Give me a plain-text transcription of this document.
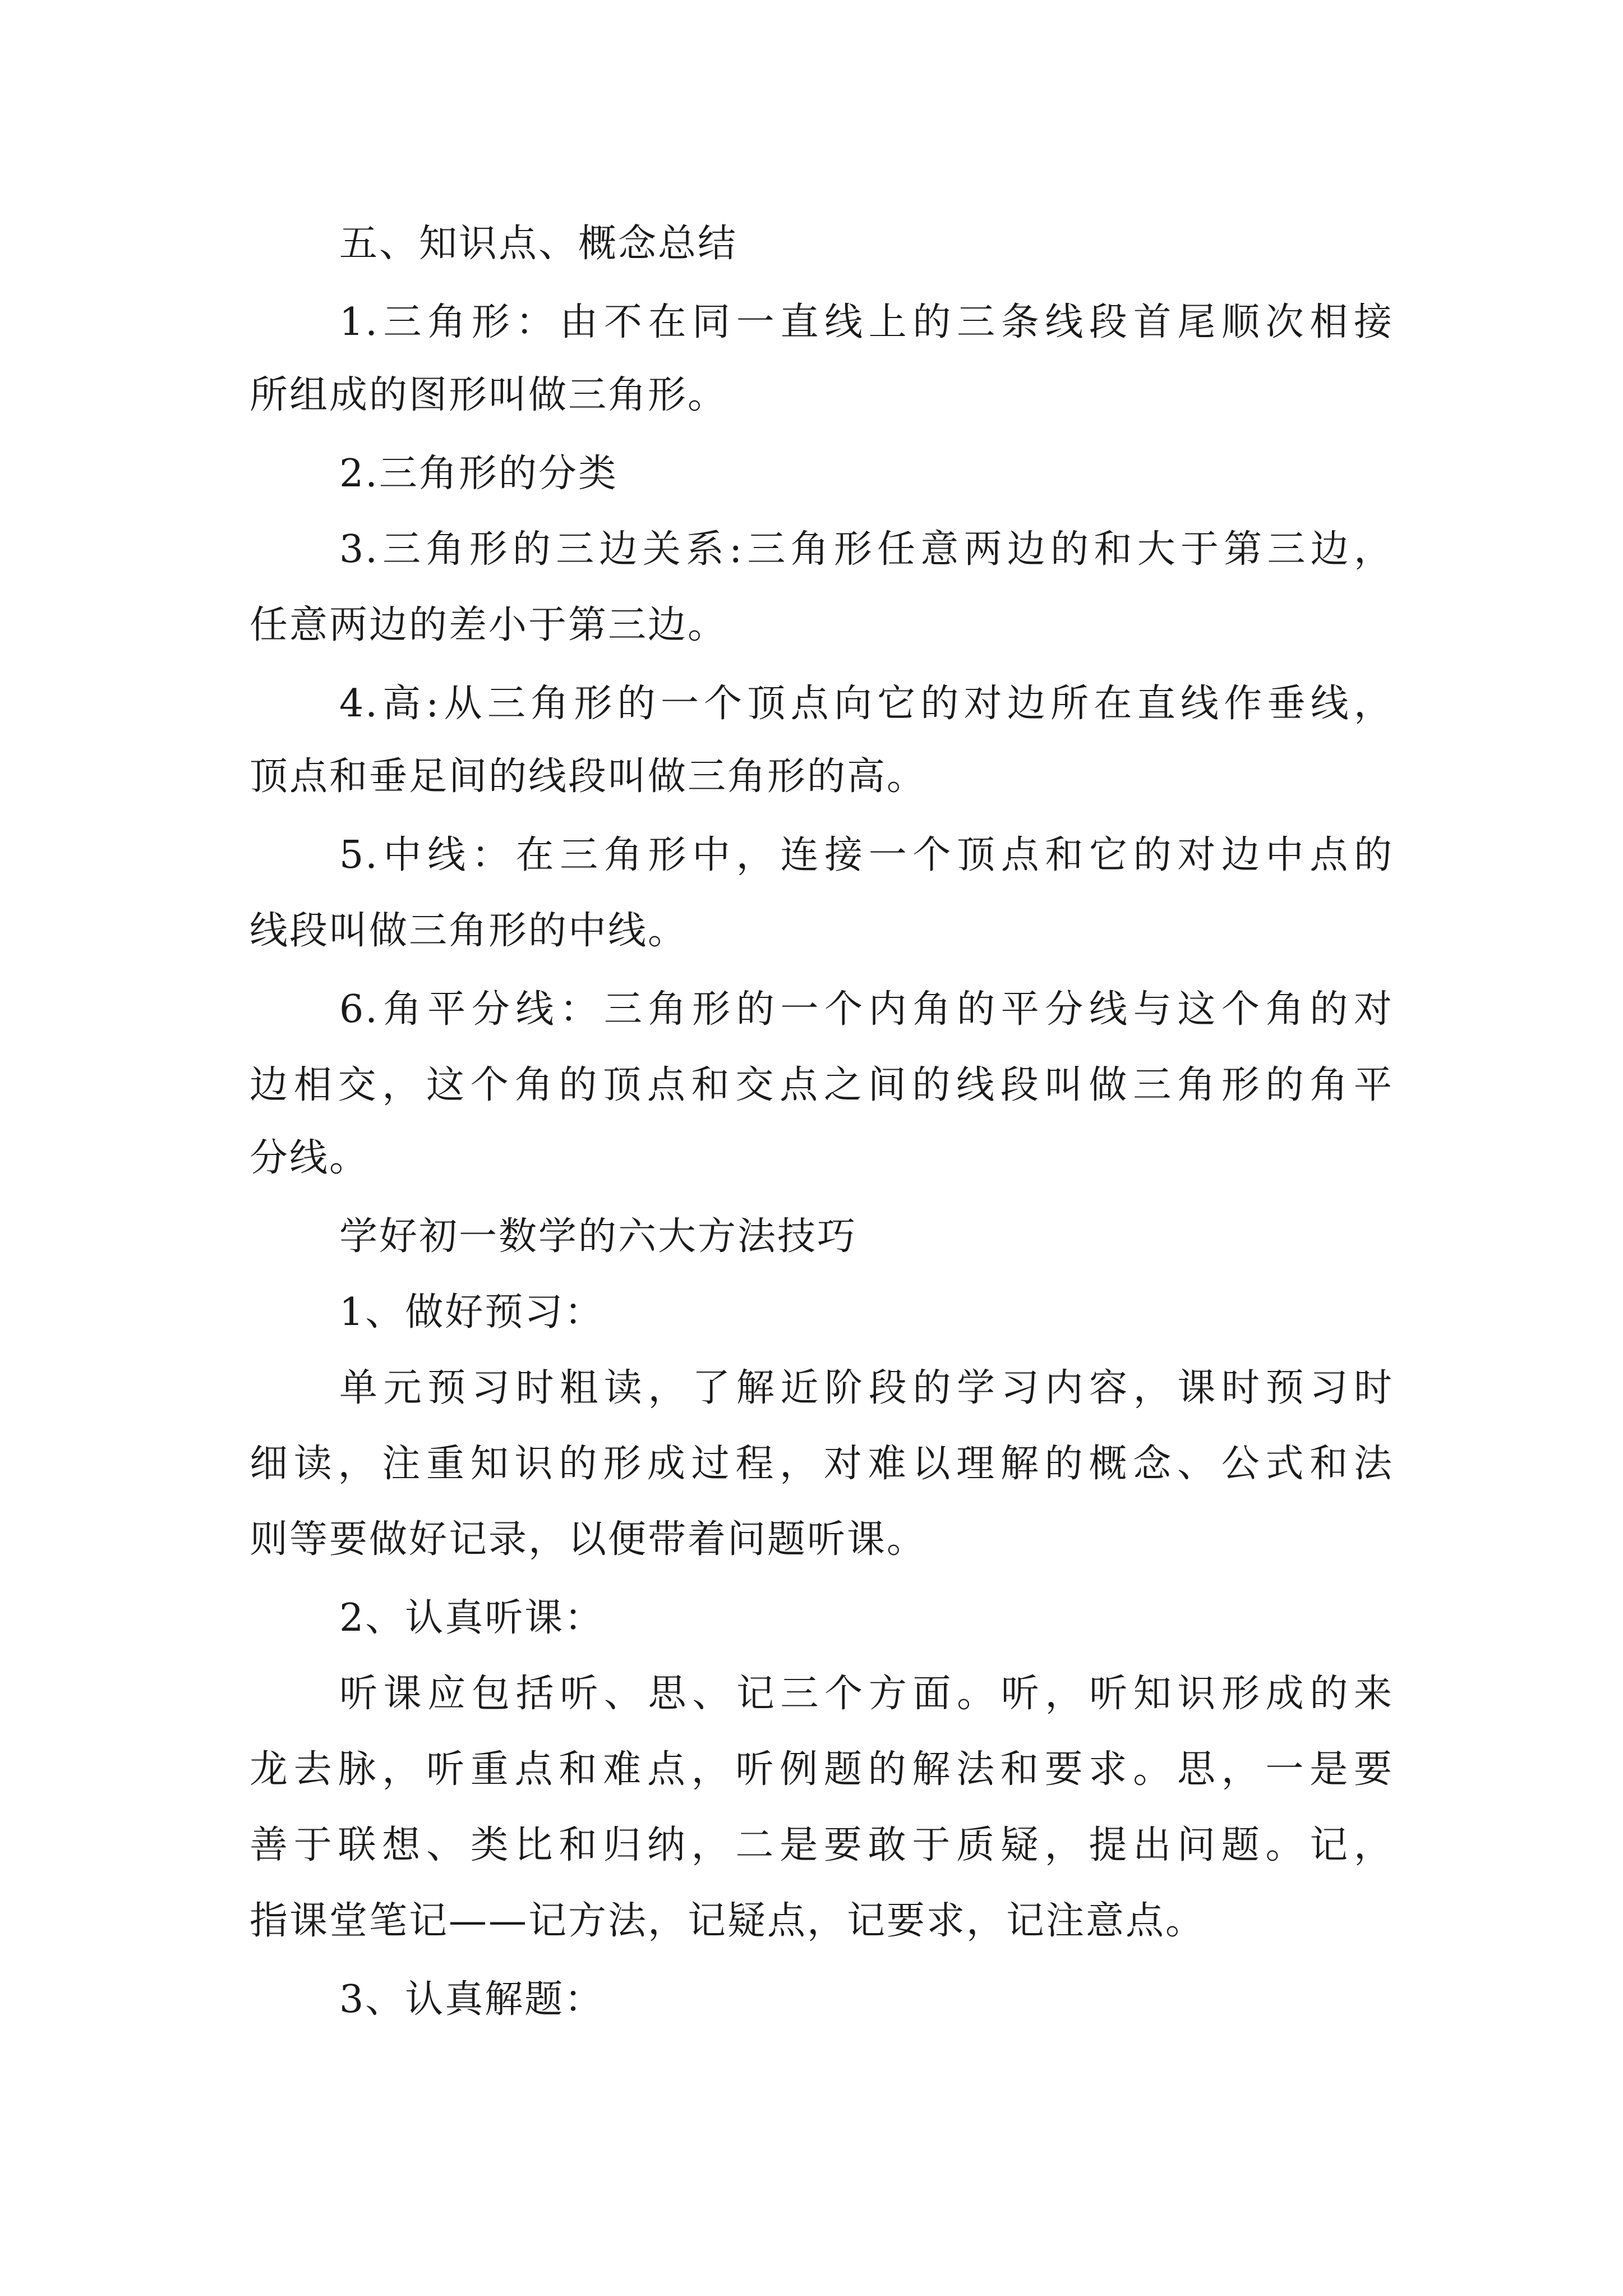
五、知识点、概念总结
1.三角形：由不在同一直线上的三条线段首尾顺次相接
所组成的图形叫做三角形。
2.三角形的分类
3.三角形的三边关系:三角形任意两边的和大于第三边，
任意两边的差小于第三边。
4.高:从三角形的一个顶点向它的对边所在直线作垂线，
顶点和垂足间的线段叫做三角形的高。
5.中线：在三角形中，连接一个顶点和它的对边中点的
线段叫做三角形的中线。
6.角平分线：三角形的一个内角的平分线与这个角的对
边相交，这个角的顶点和交点之间的线段叫做三角形的角平
分线。
学好初一数学的六大方法技巧
1、做好预习：
单元预习时粗读，了解近阶段的学习内容，课时预习时
细读，注重知识的形成过程，对难以理解的概念、公式和法
则等要做好记录，以便带着问题听课。
2、认真听课：
听课应包括听、思、记三个方面。听，听知识形成的来
龙去脉，听重点和难点，听例题的解法和要求。思，一是要
善于联想、类比和归纳，二是要敢于质疑，提出问题。记，
指课堂笔记——记方法，记疑点，记要求，记注意点。
3、认真解题：
